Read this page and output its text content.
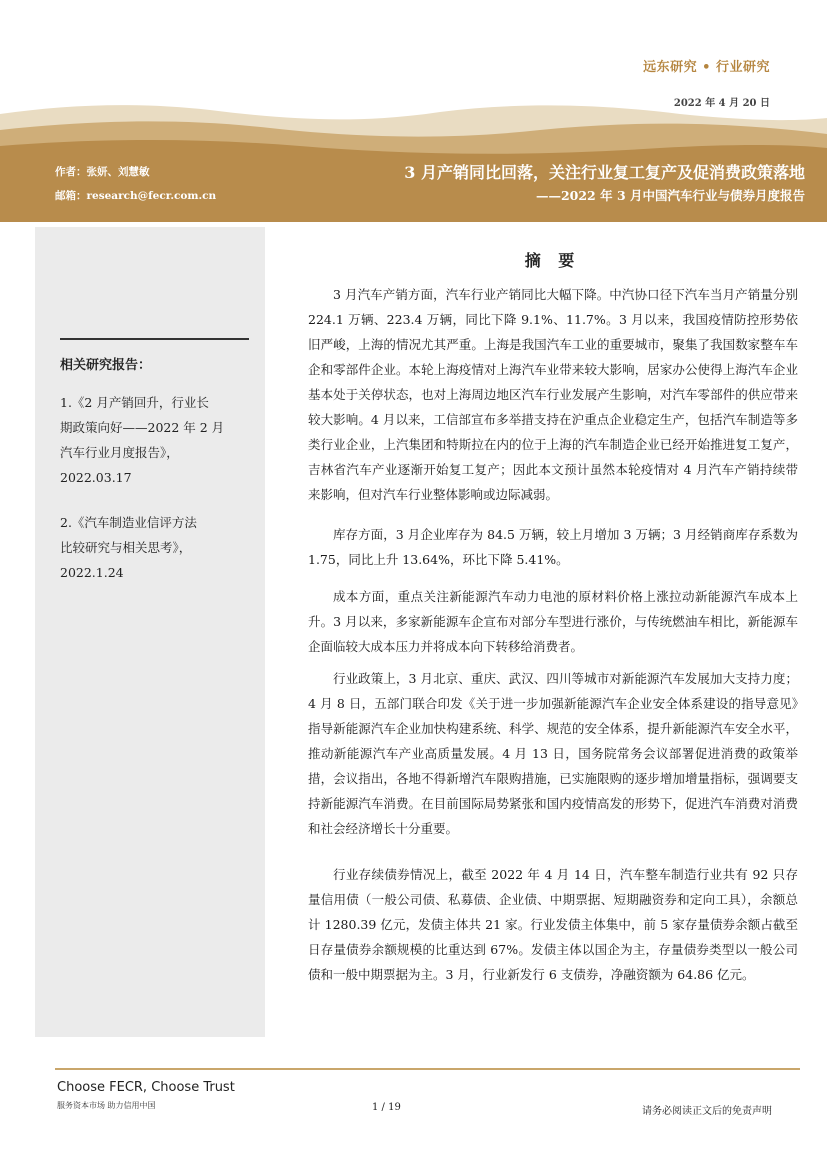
远东研究 • 行业研究
2022 年 4 月 20 日
作者：张妍、刘慧敏
邮箱：research@fecr.com.cn
3 月产销同比回落，关注行业复工复产及促消费政策落地
——2022 年 3 月中国汽车行业与债券月度报告
相关研究报告：
1.《2 月产销回升，行业长
期政策向好——2022 年 2 月
汽车行业月度报告》，
2022.03.17
2.《汽车制造业信评方法
比较研究与相关思考》，
2022.1.24
摘 要

3 月汽车产销方面，汽车行业产销同比大幅下降。中汽协口径下汽车当月产销量分别 224.1 万辆、223.4 万辆，同比下降 9.1%、11.7%。3 月以来，我国疫情防控形势依旧严峻，上海的情况尤其严重。上海是我国汽车工业的重要城市，聚集了我国数家整车车企和零部件企业。本轮上海疫情对上海汽车业带来较大影响，居家办公使得上海汽车企业基本处于关停状态，也对上海周边地区汽车行业发展产生影响，对汽车零部件的供应带来较大影响。4 月以来，工信部宣布多举措支持在沪重点企业稳定生产，包括汽车制造等多类行业企业，上汽集团和特斯拉在内的位于上海的汽车制造企业已经开始推进复工复产，吉林省汽车产业逐渐开始复工复产；因此本文预计虽然本轮疫情对 4 月汽车产销持续带来影响，但对汽车行业整体影响或边际减弱。

库存方面，3 月企业库存为 84.5 万辆，较上月增加 3 万辆；3 月经销商库存系数为 1.75，同比上升 13.64%，环比下降 5.41%。

成本方面，重点关注新能源汽车动力电池的原材料价格上涨拉动新能源汽车成本上升。3 月以来，多家新能源车企宣布对部分车型进行涨价，与传统燃油车相比，新能源车企面临较大成本压力并将成本向下转移给消费者。

行业政策上，3 月北京、重庆、武汉、四川等城市对新能源汽车发展加大支持力度；4 月 8 日，五部门联合印发《关于进一步加强新能源汽车企业安全体系建设的指导意见》指导新能源汽车企业加快构建系统、科学、规范的安全体系，提升新能源汽车安全水平，推动新能源汽车产业高质量发展。4 月 13 日，国务院常务会议部署促进消费的政策举措，会议指出，各地不得新增汽车限购措施，已实施限购的逐步增加增量指标，强调要支持新能源汽车消费。在目前国际局势紧张和国内疫情高发的形势下，促进汽车消费对消费和社会经济增长十分重要。

行业存续债券情况上，截至 2022 年 4 月 14 日，汽车整车制造行业共有 92 只存量信用债（一般公司债、私募债、企业债、中期票据、短期融资券和定向工具），余额总计 1280.39 亿元，发债主体共 21 家。行业发债主体集中，前 5 家存量债券余额占截至日存量债券余额规模的比重达到 67%。发债主体以国企为主，存量债券类型以一般公司债和一般中期票据为主。3 月，行业新发行 6 支债券，净融资额为 64.86 亿元。

Choose FECR, Choose Trust
服务资本市场 助力信用中国	1 / 19	请务必阅读正文后的免责声明
